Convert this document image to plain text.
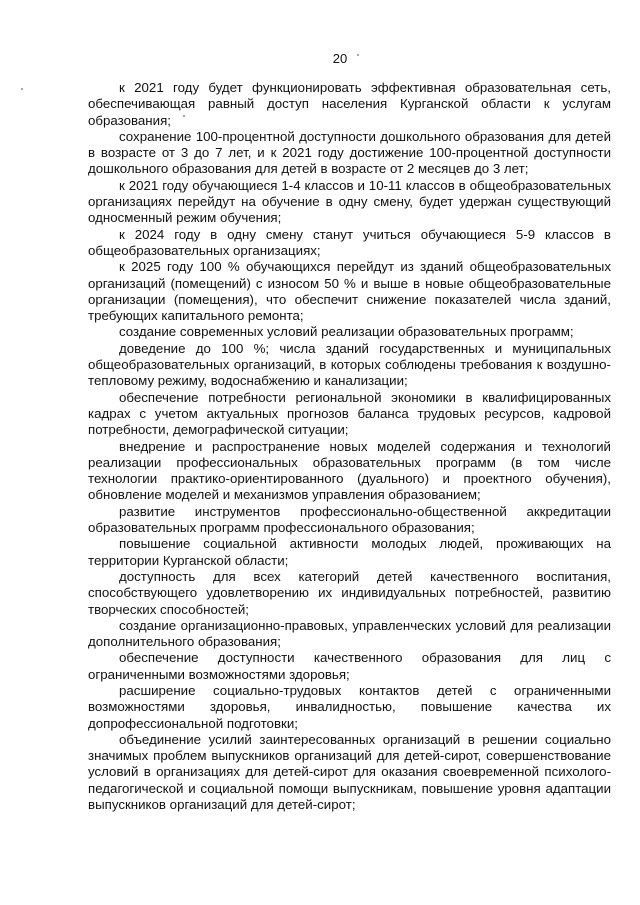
20

к 2021 году будет функционировать эффективная образовательная сеть, обеспечивающая равный доступ населения Курганской области к услугам образования;

сохранение 100-процентной доступности дошкольного образования для детей в возрасте от 3 до 7 лет, и к 2021 году достижение 100-процентной доступности дошкольного образования для детей в возрасте от 2 месяцев до 3 лет;

к 2021 году обучающиеся 1-4 классов и 10-11 классов в общеобразовательных организациях перейдут на обучение в одну смену, будет удержан существующий односменный режим обучения;

к 2024 году в одну смену станут учиться обучающиеся 5-9 классов в общеобразовательных организациях;

к 2025 году 100 % обучающихся перейдут из зданий общеобразовательных организаций (помещений) с износом 50 % и выше в новые общеобразовательные организации (помещения), что обеспечит снижение показателей числа зданий, требующих капитального ремонта;

создание современных условий реализации образовательных программ;

доведение до 100 %; числа зданий государственных и муниципальных общеобразовательных организаций, в которых соблюдены требования к воздушно-тепловому режиму, водоснабжению и канализации;

обеспечение потребности региональной экономики в квалифицированных кадрах с учетом актуальных прогнозов баланса трудовых ресурсов, кадровой потребности, демографической ситуации;

внедрение и распространение новых моделей содержания и технологий реализации профессиональных образовательных программ (в том числе технологии практико-ориентированного (дуального) и проектного обучения), обновление моделей и механизмов управления образованием;

развитие инструментов профессионально-общественной аккредитации образовательных программ профессионального образования;

повышение социальной активности молодых людей, проживающих на территории Курганской области;

доступность для всех категорий детей качественного воспитания, способствующего удовлетворению их индивидуальных потребностей, развитию творческих способностей;

создание организационно-правовых, управленческих условий для реализации дополнительного образования;

обеспечение доступности качественного образования для лиц с ограниченными возможностями здоровья;

расширение социально-трудовых контактов детей с ограниченными возможностями здоровья, инвалидностью, повышение качества их допрофессиональной подготовки;

объединение усилий заинтересованных организаций в решении социально значимых проблем выпускников организаций для детей-сирот, совершенствование условий в организациях для детей-сирот для оказания своевременной психолого-педагогической и социальной помощи выпускникам, повышение уровня адаптации выпускников организаций для детей-сирот;
